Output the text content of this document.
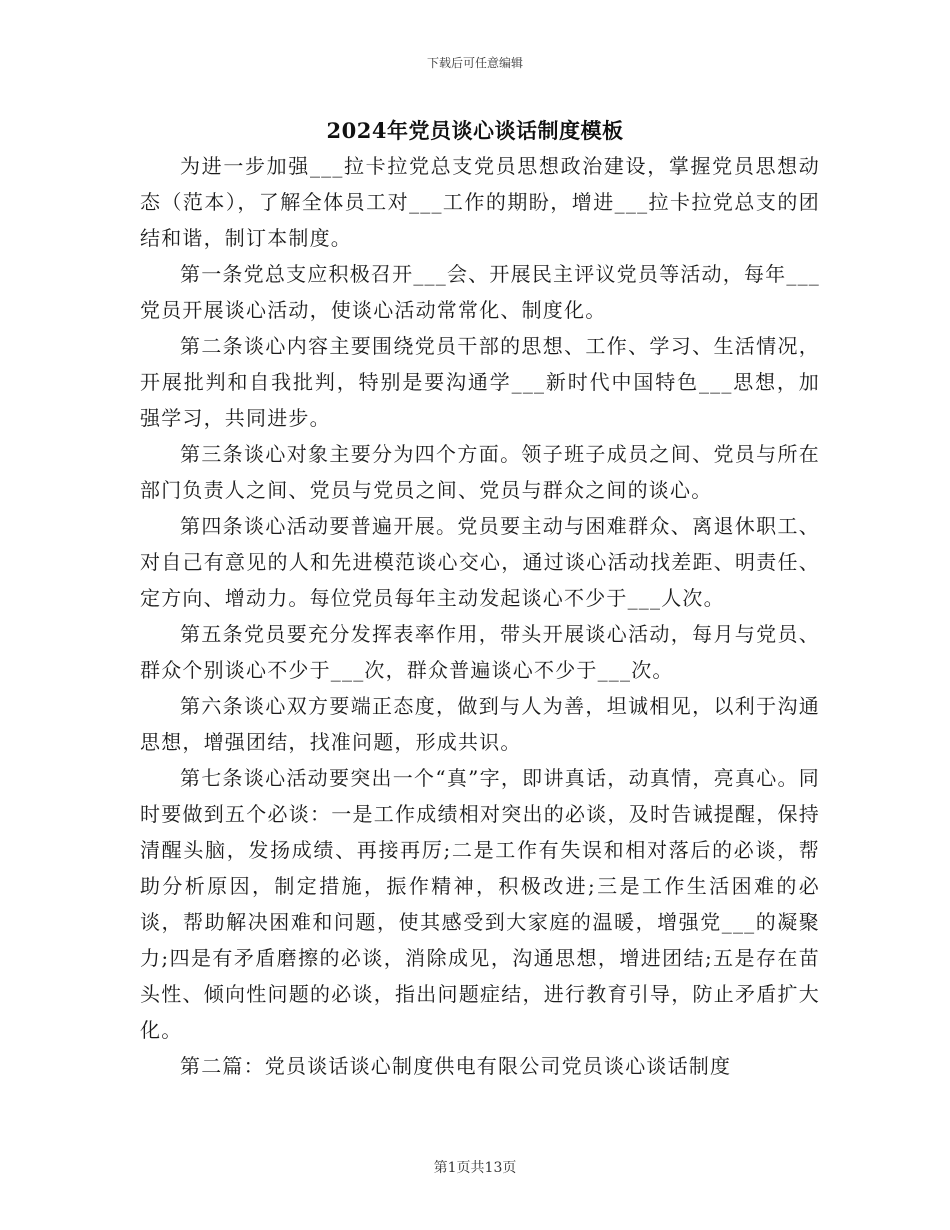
下载后可任意编辑
2024年党员谈心谈话制度模板

为进一步加强___拉卡拉党总支党员思想政治建设，掌握党员思想动态（范本），了解全体员工对___工作的期盼，增进___拉卡拉党总支的团结和谐，制订本制度。

第一条党总支应积极召开___会、开展民主评议党员等活动，每年___党员开展谈心活动，使谈心活动常常化、制度化。

第二条谈心内容主要围绕党员干部的思想、工作、学习、生活情况，开展批判和自我批判，特别是要沟通学___新时代中国特色___思想，加强学习，共同进步。

第三条谈心对象主要分为四个方面。领子班子成员之间、党员与所在部门负责人之间、党员与党员之间、党员与群众之间的谈心。

第四条谈心活动要普遍开展。党员要主动与困难群众、离退休职工、对自己有意见的人和先进模范谈心交心，通过谈心活动找差距、明责任、定方向、增动力。每位党员每年主动发起谈心不少于___人次。

第五条党员要充分发挥表率作用，带头开展谈心活动，每月与党员、群众个别谈心不少于___次，群众普遍谈心不少于___次。

第六条谈心双方要端正态度，做到与人为善，坦诚相见，以利于沟通思想，增强团结，找准问题，形成共识。

第七条谈心活动要突出一个“真”字，即讲真话，动真情，亮真心。同时要做到五个必谈：一是工作成绩相对突出的必谈，及时告诫提醒，保持清醒头脑，发扬成绩、再接再厉;二是工作有失误和相对落后的必谈，帮助分析原因，制定措施，振作精神，积极改进;三是工作生活困难的必谈，帮助解决困难和问题，使其感受到大家庭的温暖，增强党___的凝聚力;四是有矛盾磨擦的必谈，消除成见，沟通思想，增进团结;五是存在苗头性、倾向性问题的必谈，指出问题症结，进行教育引导，防止矛盾扩大化。

第二篇：党员谈话谈心制度供电有限公司党员谈心谈话制度

第1页共13页
